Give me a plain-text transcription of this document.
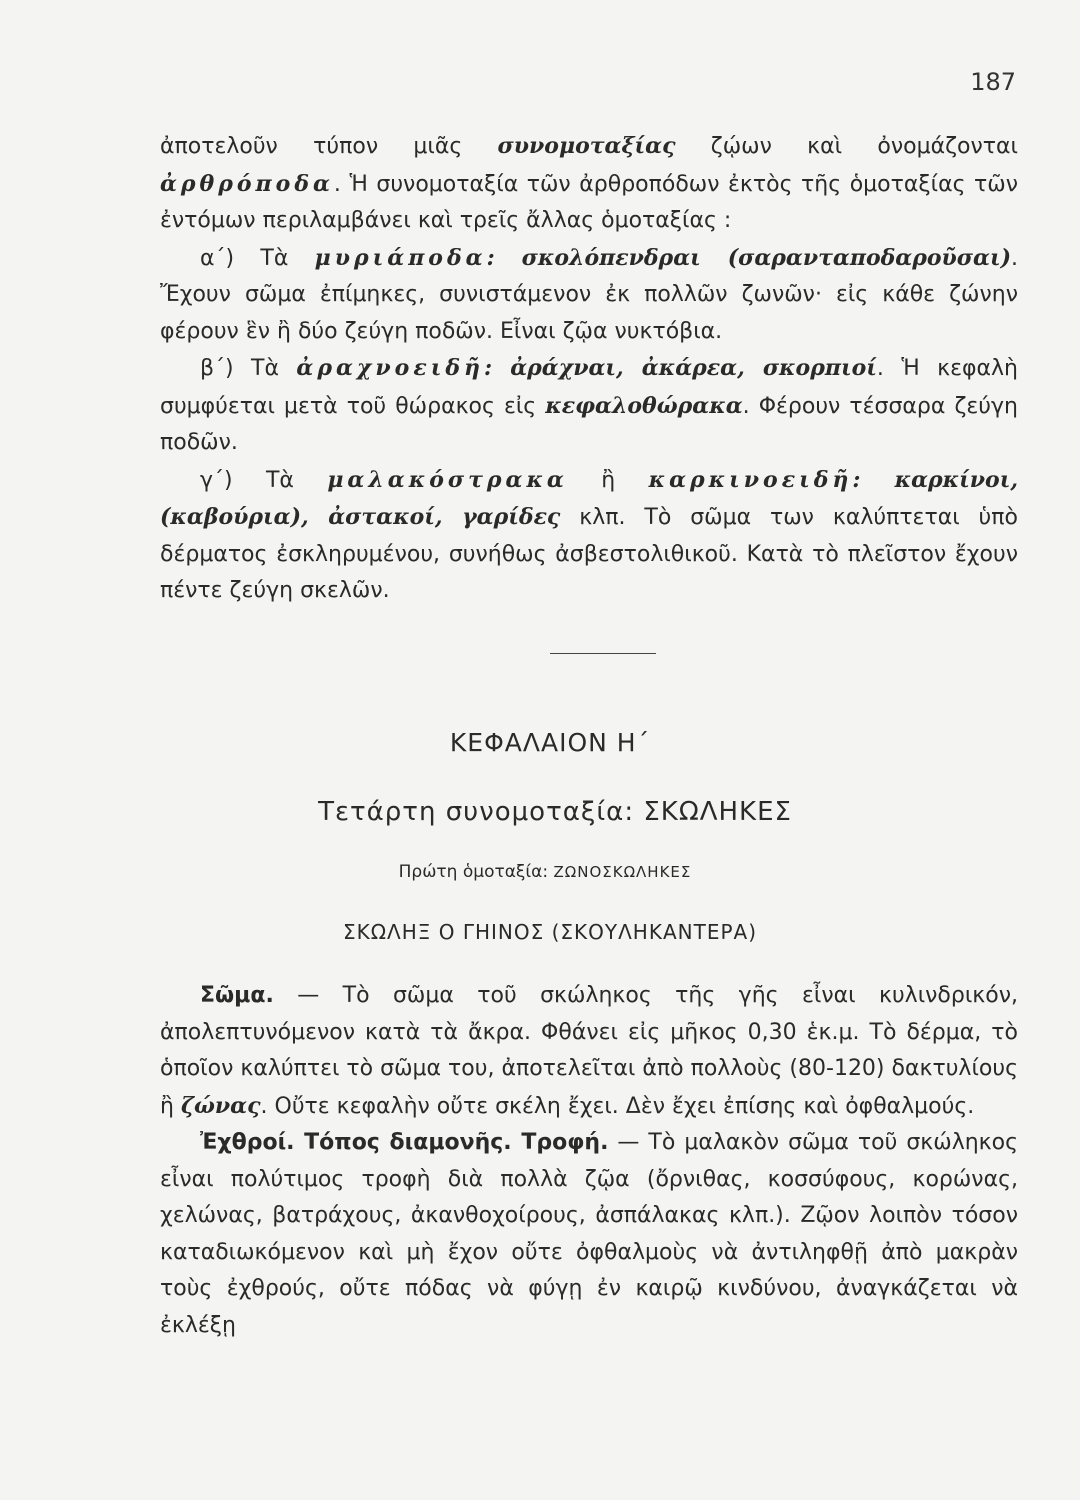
187

ἀποτελοῦν τύπον μιᾶς συνομοταξίας ζῴων καὶ ὀνομάζονται ἀρθρόποδα. Ἡ συνομοταξία τῶν ἀρθροπόδων ἐκτὸς τῆς ὁμοταξίας τῶν ἐντόμων περιλαμβάνει καὶ τρεῖς ἄλλας ὁμοταξίας :

α΄) Τὰ μυριάποδα: σκολόπενδραι (σαρανταποδαροῦσαι). Ἔχουν σῶμα ἐπίμηκες, συνιστάμενον ἐκ πολλῶν ζωνῶν· εἰς κάθε ζώνην φέρουν ἓν ἢ δύο ζεύγη ποδῶν. Εἶναι ζῷα νυκτόβια.

β΄) Τὰ ἀραχνοειδῆ: ἀράχναι, ἀκάρεα, σκορπιοί. Ἡ κεφαλὴ συμφύεται μετὰ τοῦ θώρακος εἰς κεφαλοθώρακα. Φέρουν τέσσαρα ζεύγη ποδῶν.

γ΄) Τὰ μαλακόστρακα ἢ καρκινοειδῆ: καρκίνοι, (καβούρια), ἀστακοί, γαρίδες κλπ. Τὸ σῶμα των καλύπτεται ὑπὸ δέρματος ἐσκληρυμένου, συνήθως ἀσβεστολιθικοῦ. Κατὰ τὸ πλεῖστον ἔχουν πέντε ζεύγη σκελῶν.

ΚΕΦΑΛΑΙΟΝ Η΄
Τετάρτη συνομοταξία: ΣΚΩΛΗΚΕΣ
Πρώτη ὁμοταξία: ΖΩΝΟΣΚΩΛΗΚΕΣ
ΣΚΩΛΗΞ Ο ΓΗΙΝΟΣ (ΣΚΟΥΛΗΚΑΝΤΕΡΑ)

Σῶμα. — Τὸ σῶμα τοῦ σκώληκος τῆς γῆς εἶναι κυλινδρικόν, ἀπολεπτυνόμενον κατὰ τὰ ἄκρα. Φθάνει εἰς μῆκος 0,30 ἑκ.μ. Τὸ δέρμα, τὸ ὁποῖον καλύπτει τὸ σῶμα του, ἀποτελεῖται ἀπὸ πολλοὺς (80-120) δακτυλίους ἢ ζώνας. Οὔτε κεφαλὴν οὔτε σκέλη ἔχει. Δὲν ἔχει ἐπίσης καὶ ὀφθαλμούς.

Ἐχθροί. Τόπος διαμονῆς. Τροφή. — Τὸ μαλακὸν σῶμα τοῦ σκώληκος εἶναι πολύτιμος τροφὴ διὰ πολλὰ ζῷα (ὄρνιθας, κοσσύφους, κορώνας, χελώνας, βατράχους, ἀκανθοχοίρους, ἀσπάλακας κλπ.). Ζῷον λοιπὸν τόσον καταδιωκόμενον καὶ μὴ ἔχον οὔτε ὀφθαλμοὺς νὰ ἀντιληφθῇ ἀπὸ μακρὰν τοὺς ἐχθρούς, οὔτε πόδας νὰ φύγῃ ἐν καιρῷ κινδύνου, ἀναγκάζεται νὰ ἐκλέξῃ
